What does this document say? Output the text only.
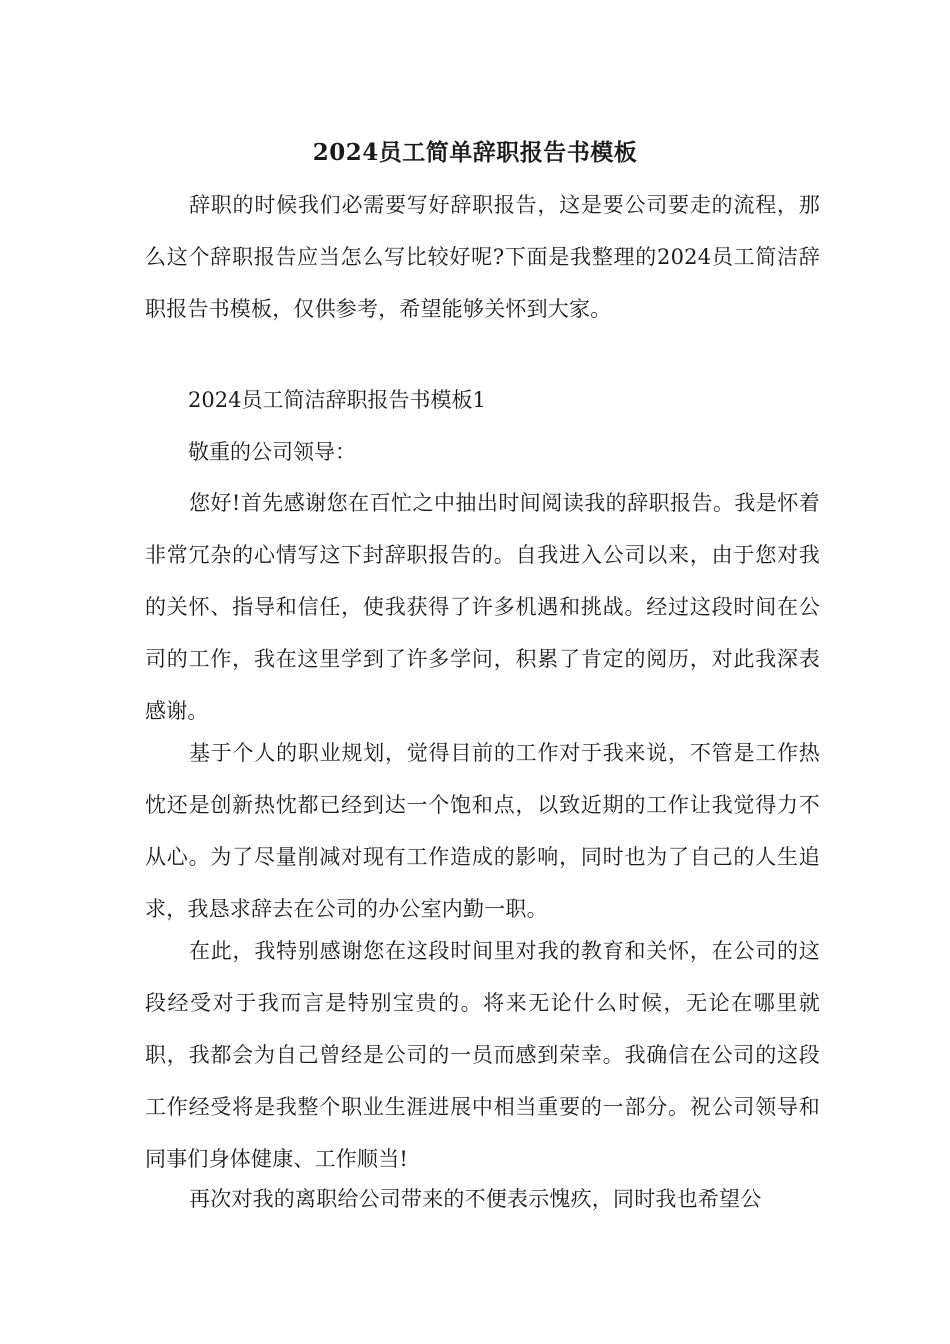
2024员工简单辞职报告书模板

辞职的时候我们必需要写好辞职报告，这是要公司要走的流程，那么这个辞职报告应当怎么写比较好呢?下面是我整理的2024员工简洁辞职报告书模板，仅供参考，希望能够关怀到大家。

2024员工简洁辞职报告书模板1

敬重的公司领导：

您好!首先感谢您在百忙之中抽出时间阅读我的辞职报告。我是怀着非常冗杂的心情写这下封辞职报告的。自我进入公司以来，由于您对我的关怀、指导和信任，使我获得了许多机遇和挑战。经过这段时间在公司的工作，我在这里学到了许多学问，积累了肯定的阅历，对此我深表感谢。

基于个人的职业规划，觉得目前的工作对于我来说，不管是工作热忱还是创新热忱都已经到达一个饱和点，以致近期的工作让我觉得力不从心。为了尽量削减对现有工作造成的影响，同时也为了自己的人生追求，我恳求辞去在公司的办公室内勤一职。

在此，我特别感谢您在这段时间里对我的教育和关怀，在公司的这段经受对于我而言是特别宝贵的。将来无论什么时候，无论在哪里就职，我都会为自己曾经是公司的一员而感到荣幸。我确信在公司的这段工作经受将是我整个职业生涯进展中相当重要的一部分。祝公司领导和同事们身体健康、工作顺当!

再次对我的离职给公司带来的不便表示愧疚，同时我也希望公
